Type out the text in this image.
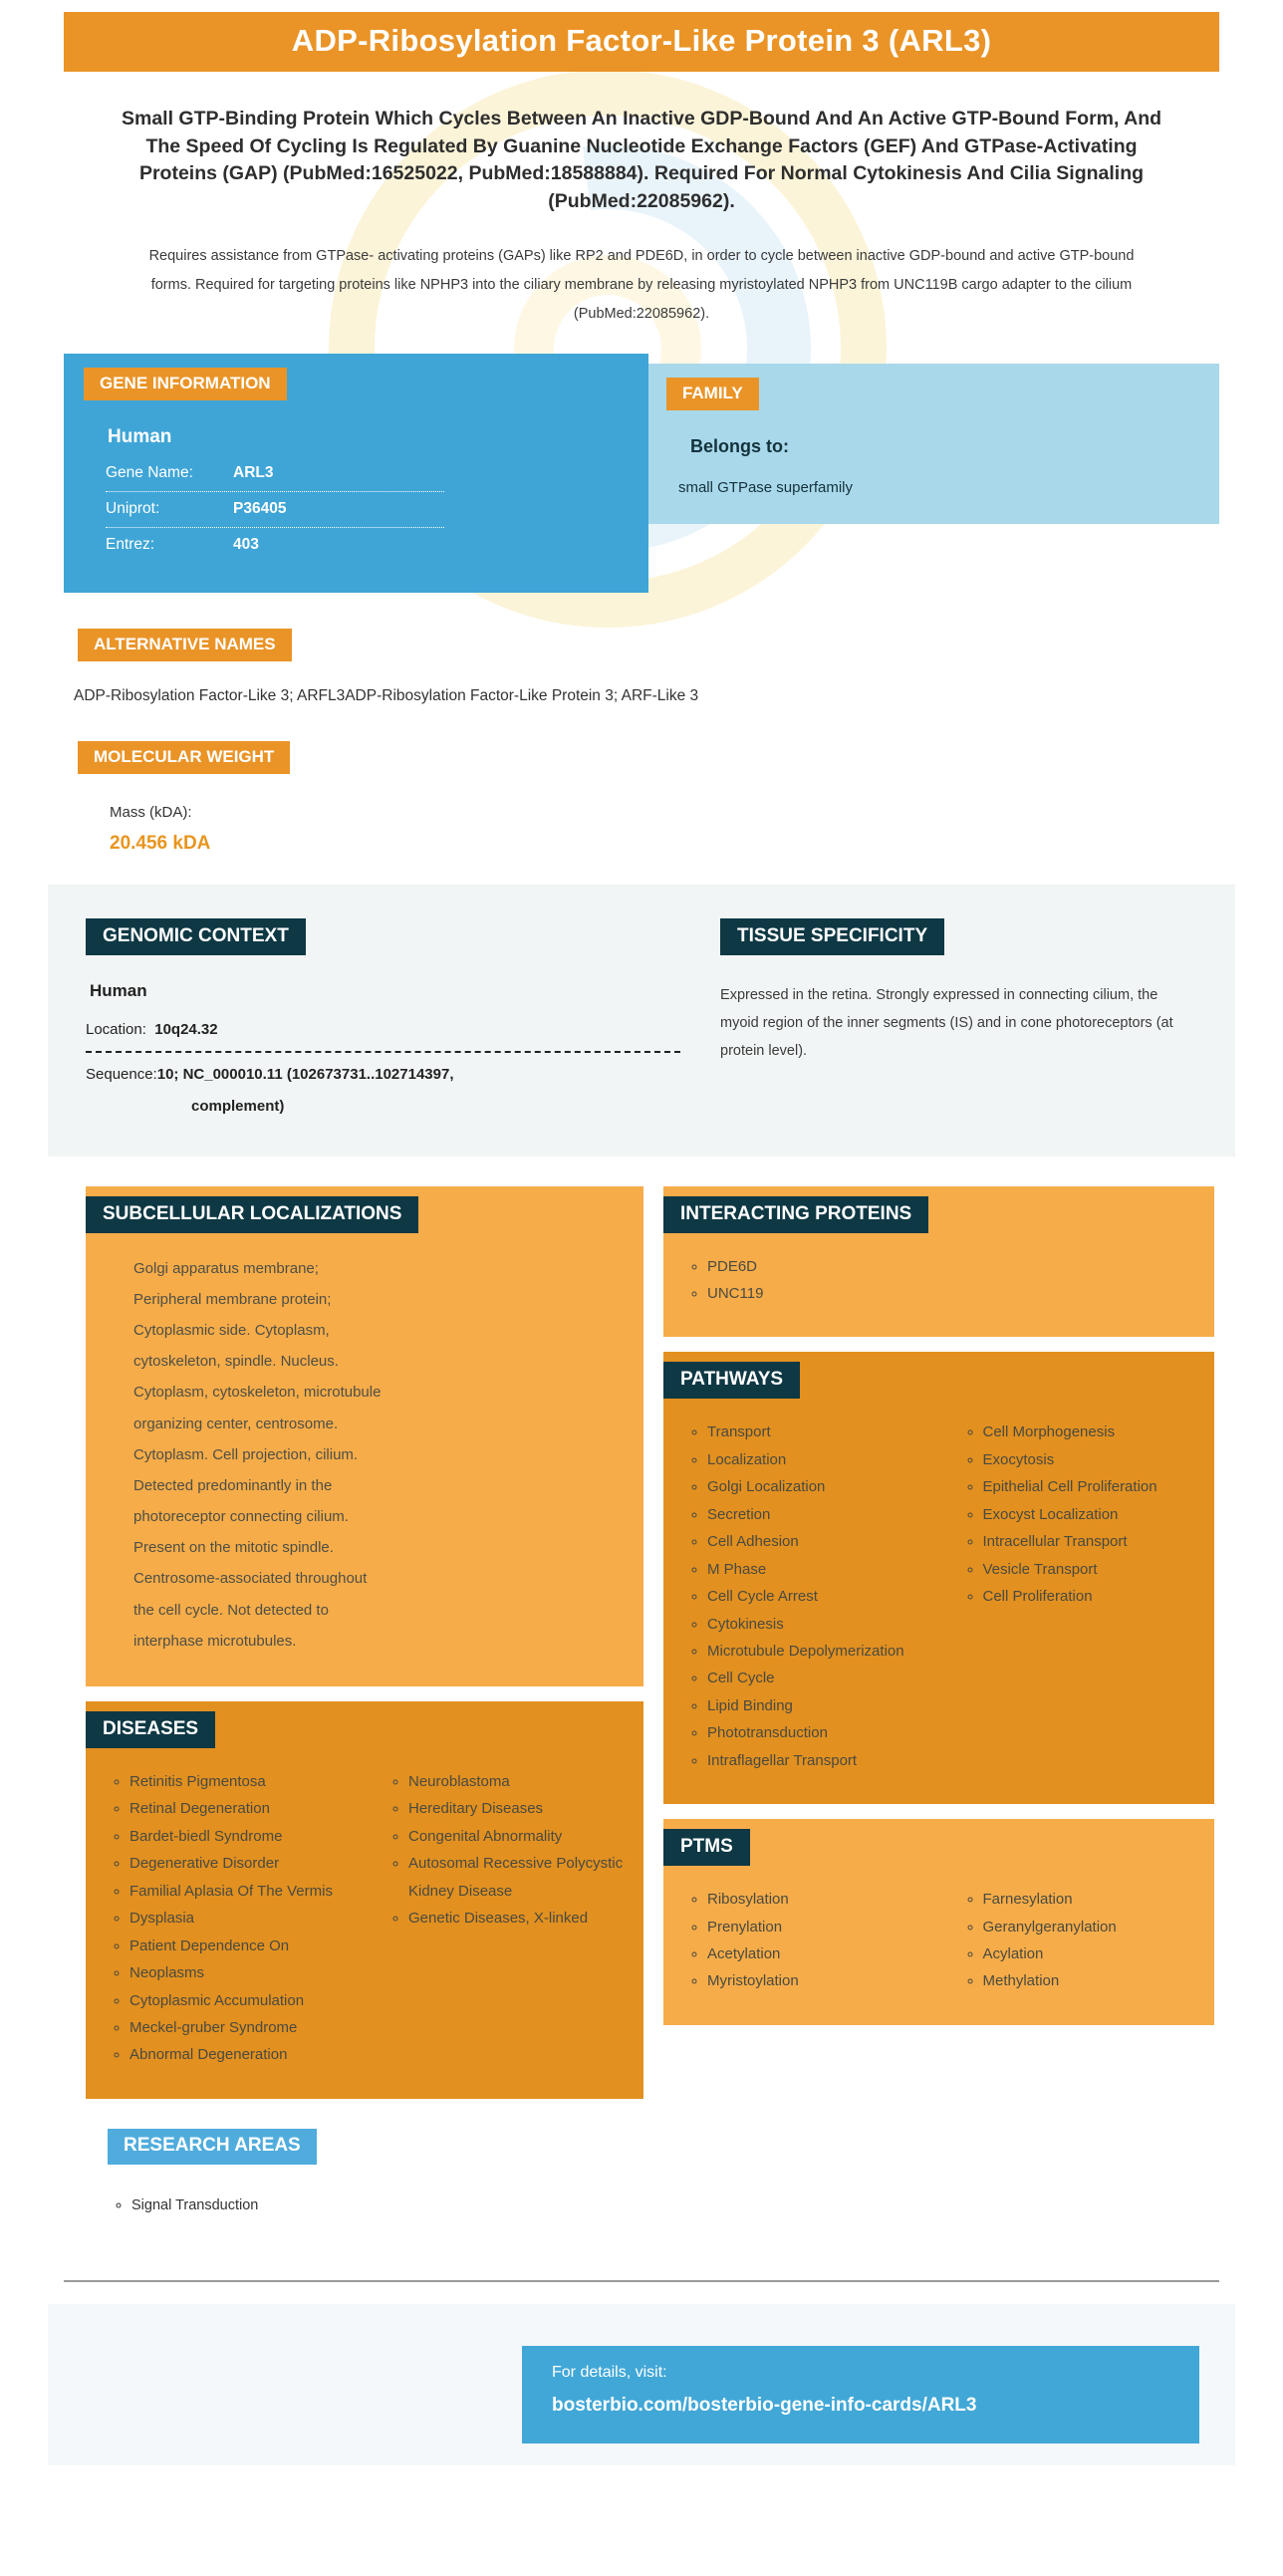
ADP-Ribosylation Factor-Like Protein 3 (ARL3)

Small GTP-Binding Protein Which Cycles Between An Inactive GDP-Bound And An Active GTP-Bound Form, And The Speed Of Cycling Is Regulated By Guanine Nucleotide Exchange Factors (GEF) And GTPase-Activating Proteins (GAP) (PubMed:16525022, PubMed:18588884). Required For Normal Cytokinesis And Cilia Signaling (PubMed:22085962).

Requires assistance from GTPase- activating proteins (GAPs) like RP2 and PDE6D, in order to cycle between inactive GDP-bound and active GTP-bound forms. Required for targeting proteins like NPHP3 into the ciliary membrane by releasing myristoylated NPHP3 from UNC119B cargo adapter to the cilium (PubMed:22085962).

GENE INFORMATION
Human
Gene Name:	ARL3
Uniprot:	P36405
Entrez:	403
FAMILY
Belongs to:
small GTPase superfamily
ALTERNATIVE NAMES
ADP-Ribosylation Factor-Like 3; ARFL3ADP-Ribosylation Factor-Like Protein 3; ARF-Like 3
MOLECULAR WEIGHT
Mass (kDA):
20.456 kDA
GENOMIC CONTEXT
Human
Location: 10q24.32
Sequence:10; NC_000010.11 (102673731..102714397,
complement)
TISSUE SPECIFICITY
Expressed in the retina. Strongly expressed in connecting cilium, the myoid region of the inner segments (IS) and in cone photoreceptors (at protein level).
SUBCELLULAR LOCALIZATIONS
Golgi apparatus membrane; Peripheral membrane protein; Cytoplasmic side. Cytoplasm, cytoskeleton, spindle. Nucleus. Cytoplasm, cytoskeleton, microtubule organizing center, centrosome. Cytoplasm. Cell projection, cilium. Detected predominantly in the photoreceptor connecting cilium. Present on the mitotic spindle. Centrosome-associated throughout the cell cycle. Not detected to interphase microtubules.
DISEASES
◦ Retinitis Pigmentosa
◦ Retinal Degeneration
◦ Bardet-biedl Syndrome
◦ Degenerative Disorder
◦ Familial Aplasia Of The Vermis
◦ Dysplasia
◦ Patient Dependence On
◦ Neoplasms
◦ Cytoplasmic Accumulation
◦ Meckel-gruber Syndrome
◦ Abnormal Degeneration
◦ Neuroblastoma
◦ Hereditary Diseases
◦ Congenital Abnormality
◦ Autosomal Recessive Polycystic Kidney Disease
◦ Genetic Diseases, X-linked
RESEARCH AREAS
◦ Signal Transduction
INTERACTING PROTEINS
◦ PDE6D
◦ UNC119
PATHWAYS
◦ Transport
◦ Localization
◦ Golgi Localization
◦ Secretion
◦ Cell Adhesion
◦ M Phase
◦ Cell Cycle Arrest
◦ Cytokinesis
◦ Microtubule Depolymerization
◦ Cell Cycle
◦ Lipid Binding
◦ Phototransduction
◦ Intraflagellar Transport
◦ Cell Morphogenesis
◦ Exocytosis
◦ Epithelial Cell Proliferation
◦ Exocyst Localization
◦ Intracellular Transport
◦ Vesicle Transport
◦ Cell Proliferation
PTMS
◦ Ribosylation
◦ Prenylation
◦ Acetylation
◦ Myristoylation
◦ Farnesylation
◦ Geranylgeranylation
◦ Acylation
◦ Methylation
For details, visit:
bosterbio.com/bosterbio-gene-info-cards/ARL3
